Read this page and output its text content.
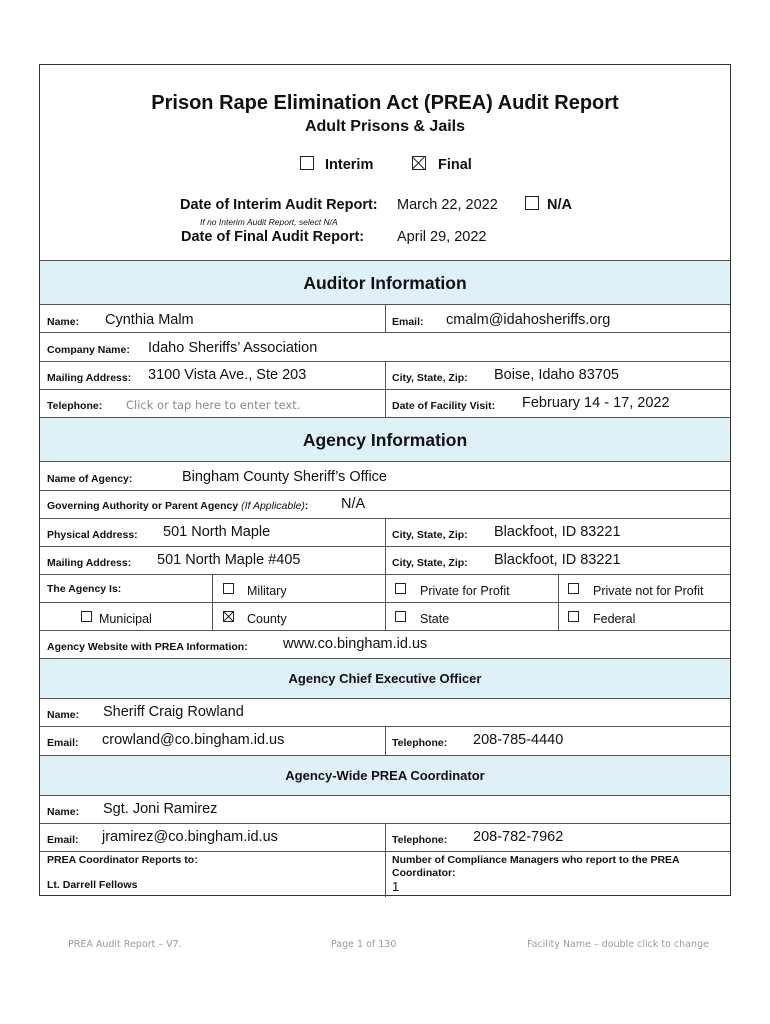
Prison Rape Elimination Act (PREA) Audit Report
Adult Prisons & Jails
Interim	Final
Date of Interim Audit Report: March 22, 2022	N/A
If no Interim Audit Report, select N/A
Date of Final Audit Report: April 29, 2022
Auditor Information
Name: Cynthia Malm	Email: cmalm@idahosheriffs.org
Company Name: Idaho Sheriffs’ Association
Mailing Address: 3100 Vista Ave., Ste 203	City, State, Zip: Boise, Idaho 83705
Telephone: Click or tap here to enter text.	Date of Facility Visit: February 14 - 17, 2022
Agency Information
Name of Agency:	Bingham County Sheriff’s Office
Governing Authority or Parent Agency (If Applicable): N/A
Physical Address: 501 North Maple	City, State, Zip: Blackfoot, ID 83221
Mailing Address: 501 North Maple #405	City, State, Zip: Blackfoot, ID 83221
The Agency Is:	Military	Private for Profit	Private not for Profit
Municipal	County	State	Federal
Agency Website with PREA Information: www.co.bingham.id.us
Agency Chief Executive Officer
Name: Sheriff Craig Rowland
Email: crowland@co.bingham.id.us	Telephone: 208-785-4440
Agency-Wide PREA Coordinator
Name: Sgt. Joni Ramirez
Email: jramirez@co.bingham.id.us	Telephone: 208-782-7962
PREA Coordinator Reports to:
Lt. Darrell Fellows
Number of Compliance Managers who report to the PREA Coordinator:
1
PREA Audit Report – V7.	Page 1 of 130	Facility Name – double click to change
